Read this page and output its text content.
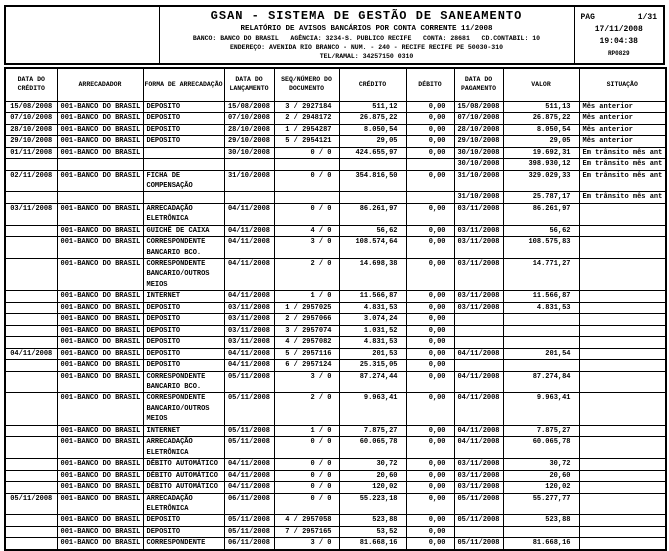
GSAN - SISTEMA DE GESTÃO DE SANEAMENTO
RELATÓRIO DE AVISOS BANCÁRIOS POR CONTA CORRENTE 11/2008
BANCO: BANCO DO BRASIL   AGÊNCIA: 3234-S. PUBLICO RECIFE   CONTA: 28681   CD.CONTABIL: 10
ENDEREÇO: AVENIDA RIO BRANCO - NUM. - 240 - RECIFE RECIFE PE 50030-310
TEL/RAMAL: 34257150 0310

PAG	1/31
17/11/2008
19:04:38
RP0829
DATA DO CRÉDITO	ARRECADADOR	FORMA DE ARRECADAÇÃO	DATA DO LANÇAMENTO	SEQ/NÚMERO DO DOCUMENTO	CRÉDITO	DÉBITO	DATA DO PAGAMENTO	VALOR	SITUAÇÃO
15/08/2008	001-BANCO DO BRASIL	DEPOSITO	15/08/2008	3 / 2927184	511,12	0,00	15/08/2008	511,13	Mês anterior
07/10/2008	001-BANCO DO BRASIL	DEPOSITO	07/10/2008	2 / 2948172	26.875,22	0,00	07/10/2008	26.875,22	Mês anterior
28/10/2008	001-BANCO DO BRASIL	DEPOSITO	28/10/2008	1 / 2954287	8.050,54	0,00	28/10/2008	8.050,54	Mês anterior
29/10/2008	001-BANCO DO BRASIL	DEPOSITO	29/10/2008	5 / 2954121	29,05	0,00	29/10/2008	29,05	Mês anterior
01/11/2008	001-BANCO DO BRASIL		30/10/2008	0 / 0	424.655,97	0,00	30/10/2008	19.692,31	Em trânsito mês ant
							30/10/2008	398.930,12	Em trânsito mês ant
02/11/2008	001-BANCO DO BRASIL	FICHA DE COMPENSAÇÃO	31/10/2008	0 / 0	354.816,50	0,00	31/10/2008	329.029,33	Em trânsito mês ant
							31/10/2008	25.787,17	Em trânsito mês ant
03/11/2008	001-BANCO DO BRASIL	ARRECADAÇÃO ELETRÔNICA	04/11/2008	0 / 0	86.261,97	0,00	03/11/2008	86.261,97	
	001-BANCO DO BRASIL	GUICHÊ DE CAIXA	04/11/2008	4 / 0	56,62	0,00	03/11/2008	56,62	
	001-BANCO DO BRASIL	CORRESPONDENTE BANCARIO BCO.	04/11/2008	3 / 0	108.574,64	0,00	03/11/2008	108.575,83	
	001-BANCO DO BRASIL	CORRESPONDENTE BANCARIO/OUTROS MEIOS	04/11/2008	2 / 0	14.698,38	0,00	03/11/2008	14.771,27	
	001-BANCO DO BRASIL	INTERNET	04/11/2008	1 / 0	11.566,87	0,00	03/11/2008	11.566,87	
	001-BANCO DO BRASIL	DEPOSITO	03/11/2008	1 / 2957025	4.831,53	0,00	03/11/2008	4.831,53	
	001-BANCO DO BRASIL	DEPOSITO	03/11/2008	2 / 2957066	3.074,24	0,00			
	001-BANCO DO BRASIL	DEPOSITO	03/11/2008	3 / 2957074	1.031,52	0,00			
	001-BANCO DO BRASIL	DEPOSITO	03/11/2008	4 / 2957082	4.831,53	0,00			
04/11/2008	001-BANCO DO BRASIL	DEPOSITO	04/11/2008	5 / 2957116	201,53	0,00	04/11/2008	201,54	
	001-BANCO DO BRASIL	DEPOSITO	04/11/2008	6 / 2957124	25.315,05	0,00			
	001-BANCO DO BRASIL	CORRESPONDENTE BANCARIO BCO.	05/11/2008	3 / 0	87.274,44	0,00	04/11/2008	87.274,84	
	001-BANCO DO BRASIL	CORRESPONDENTE BANCARIO/OUTROS MEIOS	05/11/2008	2 / 0	9.963,41	0,00	04/11/2008	9.963,41	
	001-BANCO DO BRASIL	INTERNET	05/11/2008	1 / 0	7.875,27	0,00	04/11/2008	7.875,27	
	001-BANCO DO BRASIL	ARRECADAÇÃO ELETRÔNICA	05/11/2008	0 / 0	60.065,78	0,00	04/11/2008	60.065,78	
	001-BANCO DO BRASIL	DÉBITO AUTOMÁTICO	04/11/2008	0 / 0	30,72	0,00	03/11/2008	30,72	
	001-BANCO DO BRASIL	DÉBITO AUTOMÁTICO	04/11/2008	0 / 0	20,60	0,00	03/11/2008	20,60	
	001-BANCO DO BRASIL	DÉBITO AUTOMÁTICO	04/11/2008	0 / 0	120,02	0,00	03/11/2008	120,02	
05/11/2008	001-BANCO DO BRASIL	ARRECADAÇÃO ELETRÔNICA	06/11/2008	0 / 0	55.223,18	0,00	05/11/2008	55.277,77	
	001-BANCO DO BRASIL	DEPOSITO	05/11/2008	4 / 2957058	523,88	0,00	05/11/2008	523,88	
	001-BANCO DO BRASIL	DEPOSITO	05/11/2008	7 / 2957165	53,52	0,00			
	001-BANCO DO BRASIL	CORRESPONDENTE	06/11/2008	3 / 0	81.668,16	0,00	05/11/2008	81.668,16	
